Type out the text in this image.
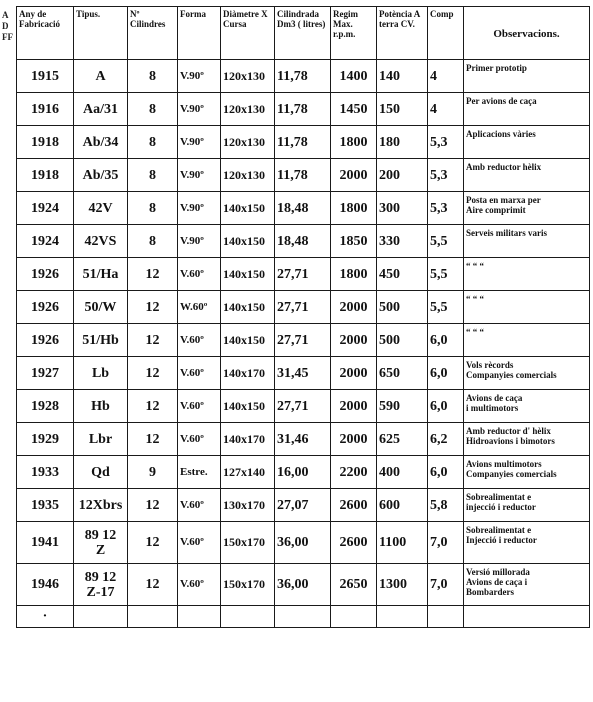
A
D
FF
Any de Fabricació	Tipus.	Nº Cilindres	Forma	Diàmetre X Cursa	Cilindrada Dm3 ( litres)	Regim Max. r.p.m.	Potència A terra CV.	Comp	Observacions.
1915	A	8	V.90º	120x130	11,78	1400	140	4	Primer prototip
1916	Aa/31	8	V.90º	120x130	11,78	1450	150	4	Per avions de caça
1918	Ab/34	8	V.90º	120x130	11,78	1800	180	5,3	Aplicacions vàries
1918	Ab/35	8	V.90º	120x130	11,78	2000	200	5,3	Amb reductor hèlix
1924	42V	8	V.90º	140x150	18,48	1800	300	5,3	Posta en marxa per
Aire comprimit
1924	42VS	8	V.90º	140x150	18,48	1850	330	5,5	Serveis militars varis
1926	51/Ha	12	V.60º	140x150	27,71	1800	450	5,5	“ “ “
1926	50/W	12	W.60º	140x150	27,71	2000	500	5,5	“ “ “
1926	51/Hb	12	V.60º	140x150	27,71	2000	500	6,0	“ “ “
1927	Lb	12	V.60º	140x170	31,45	2000	650	6,0	Vols rècords
Companyies comercials
1928	Hb	12	V.60º	140x150	27,71	2000	590	6,0	Avions de caça
i multimotors
1929	Lbr	12	V.60º	140x170	31,46	2000	625	6,2	Amb reductor d' hèlix
Hidroavions i bimotors
1933	Qd	9	Estre.	127x140	16,00	2200	400	6,0	Avions multimotors
Companyies comercials
1935	12Xbrs	12	V.60º	130x170	27,07	2600	600	5,8	Sobrealimentat e
injecció i reductor
1941	89 12
Z	12	V.60º	150x170	36,00	2600	1100	7,0	Sobrealimentat e
Injecció i reductor
1946	89 12
Z-17	12	V.60º	150x170	36,00	2650	1300	7,0	Versió millorada
Avions de caça i
Bombarders
·									
